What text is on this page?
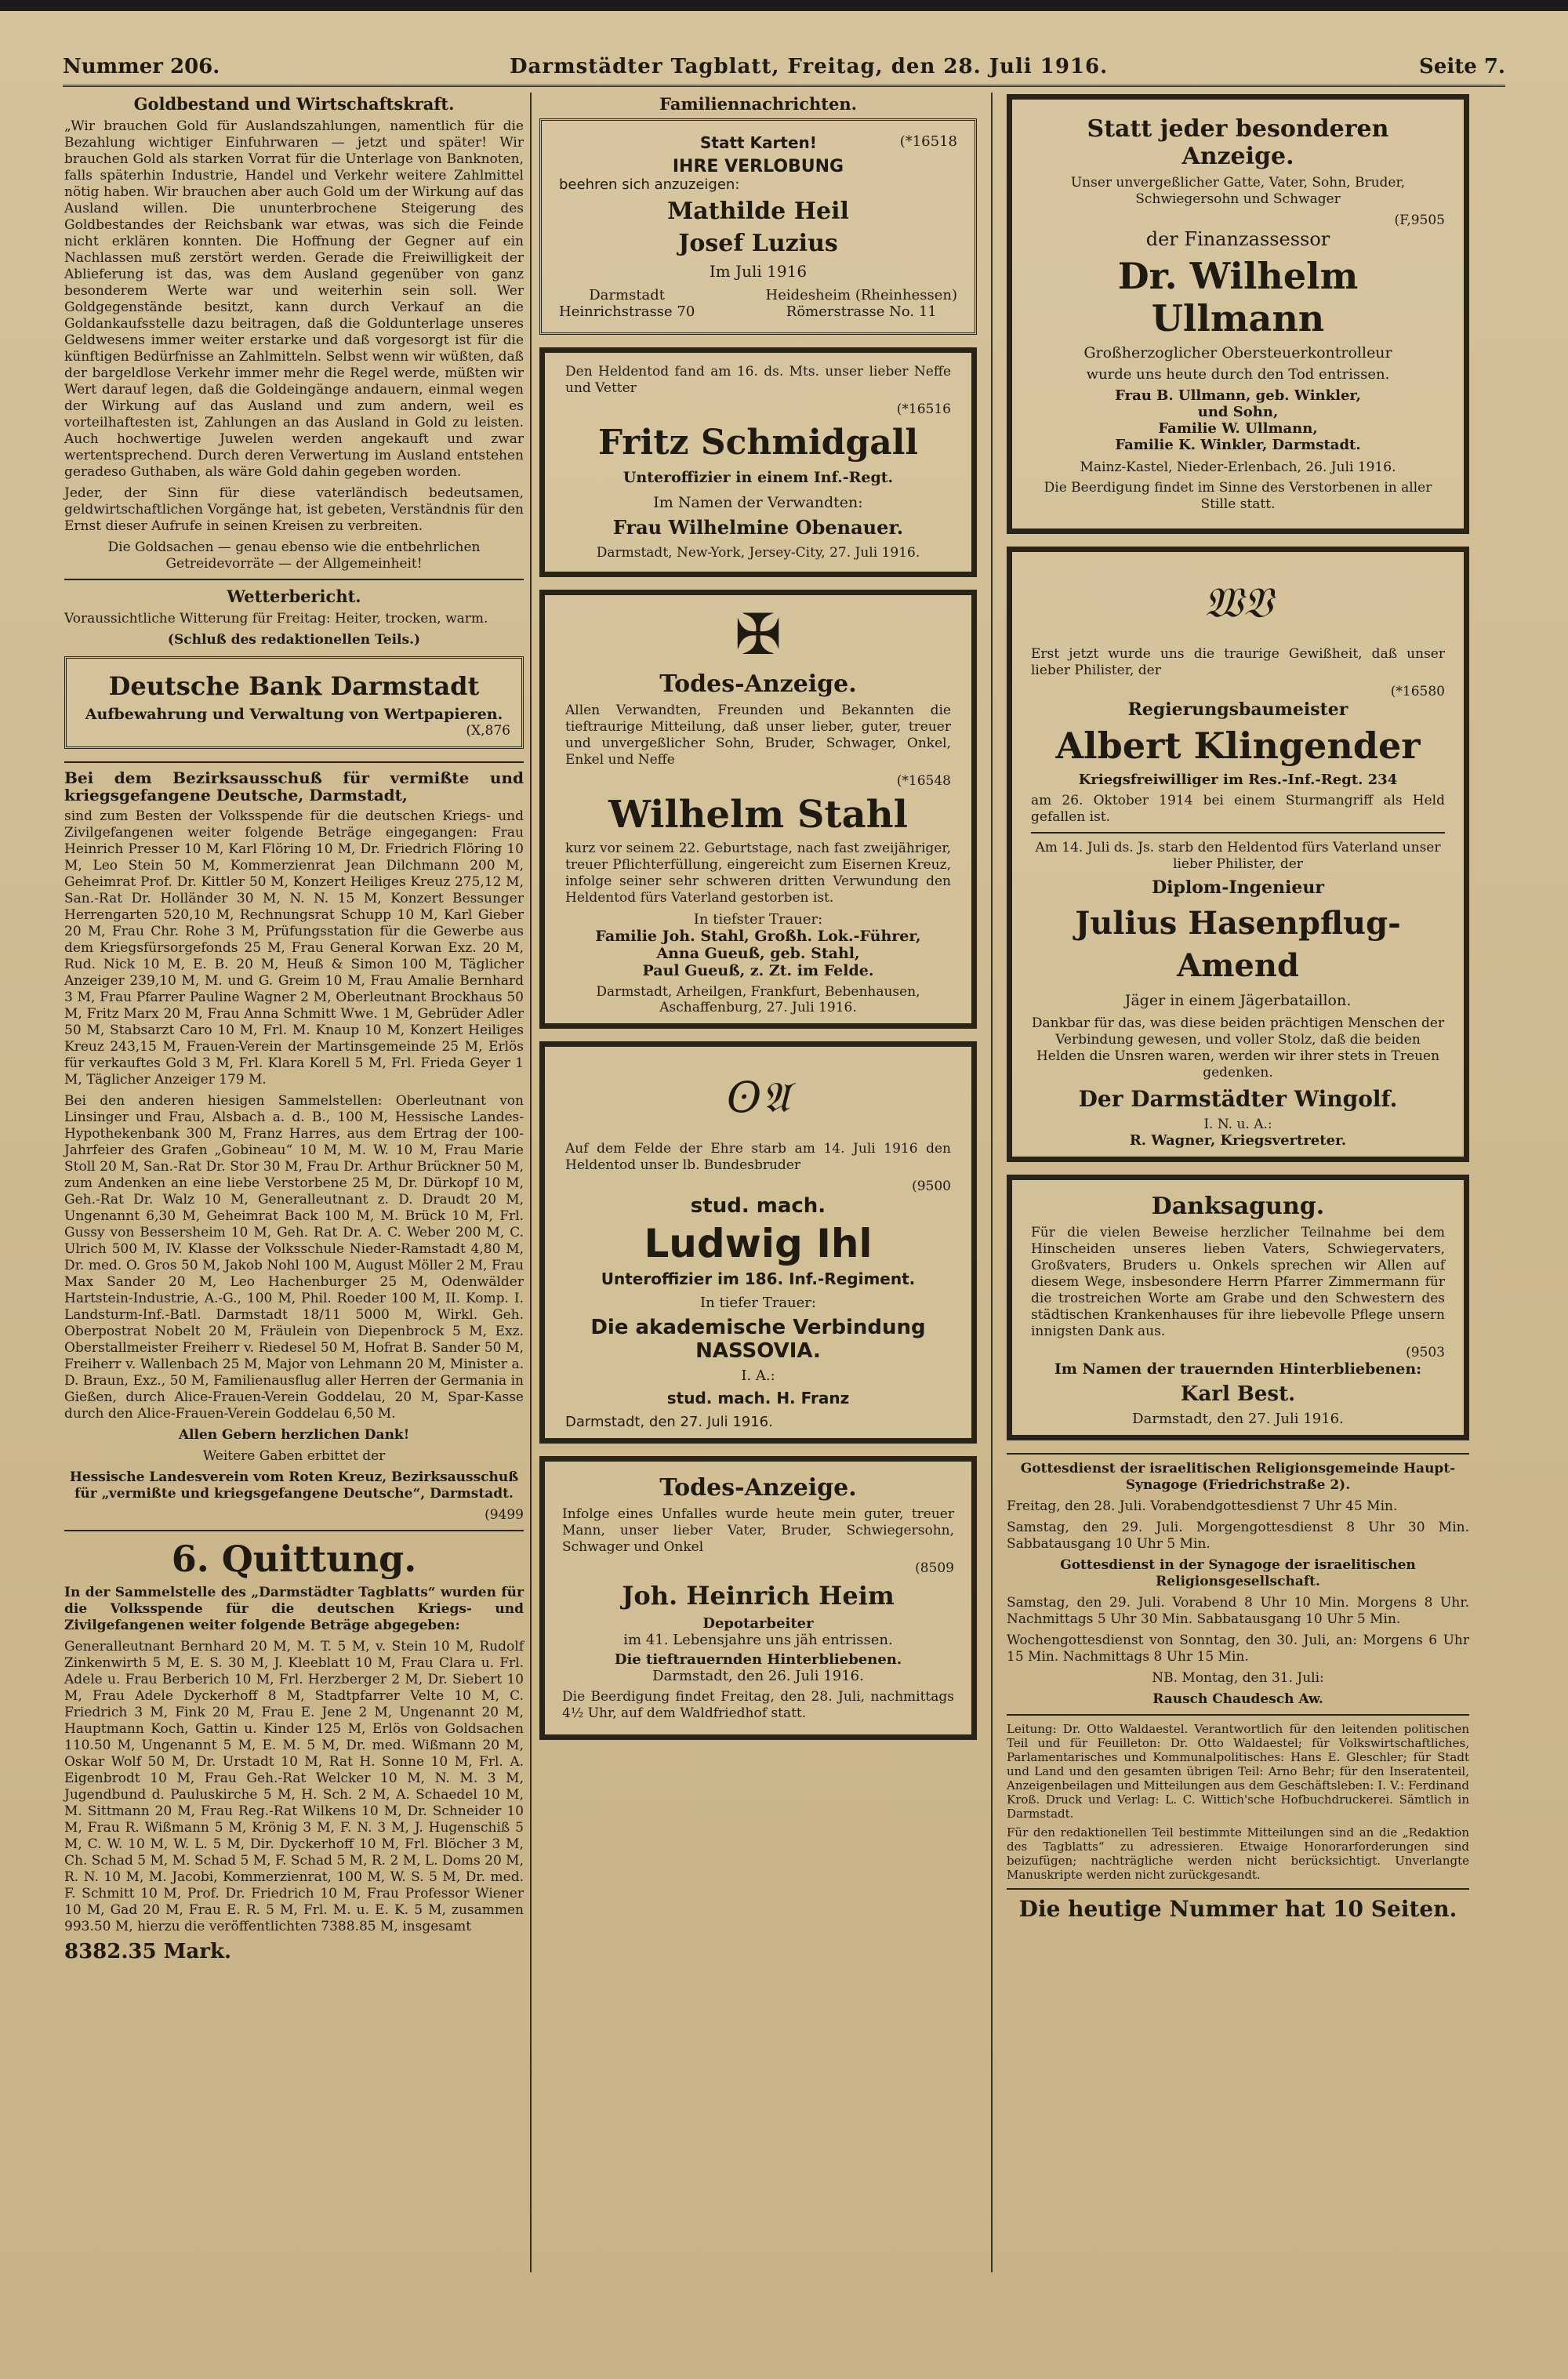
Nummer 206.	Darmstädter Tagblatt, Freitag, den 28. Juli 1916.	Seite 7.
Goldbestand und Wirtschaftskraft.

„Wir brauchen Gold für Auslandszahlungen, namentlich für die Bezahlung wichtiger Einfuhrwaren — jetzt und später! Wir brauchen Gold als starken Vorrat für die Unterlage von Banknoten, falls späterhin Industrie, Handel und Verkehr weitere Zahlmittel nötig haben. Wir brauchen aber auch Gold um der Wirkung auf das Ausland willen. Die ununterbrochene Steigerung des Goldbestandes der Reichsbank war etwas, was sich die Feinde nicht erklären konnten. Die Hoffnung der Gegner auf ein Nachlassen muß zerstört werden. Gerade die Freiwilligkeit der Ablieferung ist das, was dem Ausland gegenüber von ganz besonderem Werte war und weiterhin sein soll. Wer Goldgegenstände besitzt, kann durch Verkauf an die Goldankaufsstelle dazu beitragen, daß die Goldunterlage unseres Geldwesens immer weiter erstarke und daß vorgesorgt ist für die künftigen Bedürfnisse an Zahlmitteln. Selbst wenn wir wüßten, daß der bargeldlose Verkehr immer mehr die Regel werde, müßten wir Wert darauf legen, daß die Goldeingänge andauern, einmal wegen der Wirkung auf das Ausland und zum andern, weil es vorteilhaftesten ist, Zahlungen an das Ausland in Gold zu leisten. Auch hochwertige Juwelen werden angekauft und zwar wertentsprechend. Durch deren Verwertung im Ausland entstehen geradeso Guthaben, als wäre Gold dahin gegeben worden.

Jeder, der Sinn für diese vaterländisch bedeutsamen, geldwirtschaftlichen Vorgänge hat, ist gebeten, Verständnis für den Ernst dieser Aufrufe in seinen Kreisen zu verbreiten.

Die Goldsachen — genau ebenso wie die entbehrlichen Getreidevorräte — der Allgemeinheit!

Wetterbericht.

Voraussichtliche Witterung für Freitag: Heiter, trocken, warm.

(Schluß des redaktionellen Teils.)

Deutsche Bank Darmstadt
Aufbewahrung und Verwaltung von Wertpapieren.
(X,876

Bei dem Bezirksausschuß für vermißte und kriegsgefangene Deutsche, Darmstadt,

sind zum Besten der Volksspende für die deutschen Kriegs- und Zivilgefangenen weiter folgende Beträge eingegangen: Frau Heinrich Presser 10 M, Karl Flöring 10 M, Dr. Friedrich Flöring 10 M, Leo Stein 50 M, Kommerzienrat Jean Dilchmann 200 M, Geheimrat Prof. Dr. Kittler 50 M, Konzert Heiliges Kreuz 275,12 M, San.-Rat Dr. Holländer 30 M, N. N. 15 M, Konzert Bessunger Herrengarten 520,10 M, Rechnungsrat Schupp 10 M, Karl Gieber 20 M, Frau Chr. Rohe 3 M, Prüfungsstation für die Gewerbe aus dem Kriegsfürsorgefonds 25 M, Frau General Korwan Exz. 20 M, Rud. Nick 10 M, E. B. 20 M, Heuß & Simon 100 M, Täglicher Anzeiger 239,10 M, M. und G. Greim 10 M, Frau Amalie Bernhard 3 M, Frau Pfarrer Pauline Wagner 2 M, Oberleutnant Brockhaus 50 M, Fritz Marx 20 M, Frau Anna Schmitt Wwe. 1 M, Gebrüder Adler 50 M, Stabsarzt Caro 10 M, Frl. M. Knaup 10 M, Konzert Heiliges Kreuz 243,15 M, Frauen-Verein der Martinsgemeinde 25 M, Erlös für verkauftes Gold 3 M, Frl. Klara Korell 5 M, Frl. Frieda Geyer 1 M, Täglicher Anzeiger 179 M.

Bei den anderen hiesigen Sammelstellen: Oberleutnant von Linsinger und Frau, Alsbach a. d. B., 100 M, Hessische Landes-Hypothekenbank 300 M, Franz Harres, aus dem Ertrag der 100-Jahrfeier des Grafen „Gobineau“ 10 M, M. W. 10 M, Frau Marie Stoll 20 M, San.-Rat Dr. Stor 30 M, Frau Dr. Arthur Brückner 50 M, zum Andenken an eine liebe Verstorbene 25 M, Dr. Dürkopf 10 M, Geh.-Rat Dr. Walz 10 M, Generalleutnant z. D. Draudt 20 M, Ungenannt 6,30 M, Geheimrat Back 100 M, M. Brück 10 M, Frl. Gussy von Bessersheim 10 M, Geh. Rat Dr. A. C. Weber 200 M, C. Ulrich 500 M, IV. Klasse der Volksschule Nieder-Ramstadt 4,80 M, Dr. med. O. Gros 50 M, Jakob Nohl 100 M, August Möller 2 M, Frau Max Sander 20 M, Leo Hachenburger 25 M, Odenwälder Hartstein-Industrie, A.-G., 100 M, Phil. Roeder 100 M, II. Komp. I. Landsturm-Inf.-Batl. Darmstadt 18/11 5000 M, Wirkl. Geh. Oberpostrat Nobelt 20 M, Fräulein von Diepenbrock 5 M, Exz. Oberstallmeister Freiherr v. Riedesel 50 M, Hofrat B. Sander 50 M, Freiherr v. Wallenbach 25 M, Major von Lehmann 20 M, Minister a. D. Braun, Exz., 50 M, Familienausflug aller Herren der Germania in Gießen, durch Alice-Frauen-Verein Goddelau, 20 M, Spar-Kasse durch den Alice-Frauen-Verein Goddelau 6,50 M.

Allen Gebern herzlichen Dank!

Weitere Gaben erbittet der

Hessische Landesverein vom Roten Kreuz, Bezirksausschuß für „vermißte und kriegsgefangene Deutsche“, Darmstadt.

(9499

6. Quittung.

In der Sammelstelle des „Darmstädter Tagblatts“ wurden für die Volksspende für die deutschen Kriegs- und Zivilgefangenen weiter folgende Beträge abgegeben:

Generalleutnant Bernhard 20 M, M. T. 5 M, v. Stein 10 M, Rudolf Zinkenwirth 5 M, E. S. 30 M, J. Kleeblatt 10 M, Frau Clara u. Frl. Adele u. Frau Berberich 10 M, Frl. Herzberger 2 M, Dr. Siebert 10 M, Frau Adele Dyckerhoff 8 M, Stadtpfarrer Velte 10 M, C. Friedrich 3 M, Fink 20 M, Frau E. Jene 2 M, Ungenannt 20 M, Hauptmann Koch, Gattin u. Kinder 125 M, Erlös von Goldsachen 110.50 M, Ungenannt 5 M, E. M. 5 M, Dr. med. Wißmann 20 M, Oskar Wolf 50 M, Dr. Urstadt 10 M, Rat H. Sonne 10 M, Frl. A. Eigenbrodt 10 M, Frau Geh.-Rat Welcker 10 M, N. M. 3 M, Jugendbund d. Pauluskirche 5 M, H. Sch. 2 M, A. Schaedel 10 M, M. Sittmann 20 M, Frau Reg.-Rat Wilkens 10 M, Dr. Schneider 10 M, Frau R. Wißmann 5 M, Krönig 3 M, F. N. 3 M, J. Hugenschiß 5 M, C. W. 10 M, W. L. 5 M, Dir. Dyckerhoff 10 M, Frl. Blöcher 3 M, Ch. Schad 5 M, M. Schad 5 M, F. Schad 5 M, R. 2 M, L. Doms 20 M, R. N. 10 M, M. Jacobi, Kommerzienrat, 100 M, W. S. 5 M, Dr. med. F. Schmitt 10 M, Prof. Dr. Friedrich 10 M, Frau Professor Wiener 10 M, Gad 20 M, Frau E. R. 5 M, Frl. M. u. E. K. 5 M, zusammen 993.50 M, hierzu die veröffentlichten 7388.85 M, insgesamt

8382.35 Mark.
Familiennachrichten.
Statt Karten!	(*16518
IHRE VERLOBUNG
beehren sich anzuzeigen:
Mathilde Heil
Josef Luzius
Im Juli 1916
Darmstadt
Heinrichstrasse 70
Heidesheim (Rheinhessen)
Römerstrasse No. 11

Den Heldentod fand am 16. ds. Mts. unser lieber Neffe und Vetter

(*16516
Fritz Schmidgall
Unteroffizier in einem Inf.-Regt.
Im Namen der Verwandten:
Frau Wilhelmine Obenauer.
Darmstadt, New-York, Jersey-City, 27. Juli 1916.
✠
Todes-Anzeige.

Allen Verwandten, Freunden und Bekannten die tieftraurige Mitteilung, daß unser lieber, guter, treuer und unvergeßlicher Sohn, Bruder, Schwager, Onkel, Enkel und Neffe

(*16548
Wilhelm Stahl

kurz vor seinem 22. Geburtstage, nach fast zweijähriger, treuer Pflichterfüllung, eingereicht zum Eisernen Kreuz, infolge seiner sehr schweren dritten Verwundung den Heldentod fürs Vaterland gestorben ist.

In tiefster Trauer:
Familie Joh. Stahl, Großh. Lok.-Führer,
Anna Gueuß, geb. Stahl,
Paul Gueuß, z. Zt. im Felde.
Darmstadt, Arheilgen, Frankfurt, Bebenhausen, Aschaffenburg, 27. Juli 1916.
ʘ𝔄

Auf dem Felde der Ehre starb am 14. Juli 1916 den Heldentod unser lb. Bundesbruder

(9500
stud. mach.
Ludwig Ihl
Unteroffizier im 186. Inf.-Regiment.
In tiefer Trauer:
Die akademische Verbindung NASSOVIA.
I. A.:
stud. mach. H. Franz
Darmstadt, den 27. Juli 1916.
Todes-Anzeige.

Infolge eines Unfalles wurde heute mein guter, treuer Mann, unser lieber Vater, Bruder, Schwiegersohn, Schwager und Onkel

(8509
Joh. Heinrich Heim
Depotarbeiter
im 41. Lebensjahre uns jäh entrissen.
Die tieftrauernden Hinterbliebenen.
Darmstadt, den 26. Juli 1916.

Die Beerdigung findet Freitag, den 28. Juli, nachmittags 4½ Uhr, auf dem Waldfriedhof statt.

Statt jeder besonderen Anzeige.

Unser unvergeßlicher Gatte, Vater, Sohn, Bruder, Schwiegersohn und Schwager

(F,9505
der Finanzassessor
Dr. Wilhelm Ullmann
Großherzoglicher Obersteuerkontrolleur
wurde uns heute durch den Tod entrissen.
Frau B. Ullmann, geb. Winkler,
und Sohn,
Familie W. Ullmann,
Familie K. Winkler, Darmstadt.
Mainz-Kastel, Nieder-Erlenbach, 26. Juli 1916.

Die Beerdigung findet im Sinne des Verstorbenen in aller Stille statt.

𝔚𝔙

Erst jetzt wurde uns die traurige Gewißheit, daß unser lieber Philister, der

(*16580
Regierungsbaumeister
Albert Klingender
Kriegsfreiwilliger im Res.-Inf.-Regt. 234

am 26. Oktober 1914 bei einem Sturmangriff als Held gefallen ist.

Am 14. Juli ds. Js. starb den Heldentod fürs Vaterland unser lieber Philister, der

Diplom-Ingenieur
Julius Hasenpflug-Amend
Jäger in einem Jägerbataillon.

Dankbar für das, was diese beiden prächtigen Menschen der Verbindung gewesen, und voller Stolz, daß die beiden Helden die Unsren waren, werden wir ihrer stets in Treuen gedenken.

Der Darmstädter Wingolf.
I. N. u. A.:
R. Wagner, Kriegsvertreter.
Danksagung.

Für die vielen Beweise herzlicher Teilnahme bei dem Hinscheiden unseres lieben Vaters, Schwiegervaters, Großvaters, Bruders u. Onkels sprechen wir Allen auf diesem Wege, insbesondere Herrn Pfarrer Zimmermann für die trostreichen Worte am Grabe und den Schwestern des städtischen Krankenhauses für ihre liebevolle Pflege unsern innigsten Dank aus.

(9503
Im Namen der trauernden Hinterbliebenen:
Karl Best.
Darmstadt, den 27. Juli 1916.

Gottesdienst der israelitischen Religionsgemeinde Haupt-Synagoge (Friedrichstraße 2).

Freitag, den 28. Juli. Vorabendgottesdienst 7 Uhr 45 Min.

Samstag, den 29. Juli. Morgengottesdienst 8 Uhr 30 Min. Sabbatausgang 10 Uhr 5 Min.

Gottesdienst in der Synagoge der israelitischen Religionsgesellschaft.

Samstag, den 29. Juli. Vorabend 8 Uhr 10 Min. Morgens 8 Uhr. Nachmittags 5 Uhr 30 Min. Sabbatausgang 10 Uhr 5 Min.

Wochengottesdienst von Sonntag, den 30. Juli, an: Morgens 6 Uhr 15 Min. Nachmittags 8 Uhr 15 Min.

NB. Montag, den 31. Juli:

Rausch Chaudesch Aw.

Leitung: Dr. Otto Waldaestel. Verantwortlich für den leitenden politischen Teil und für Feuilleton: Dr. Otto Waldaestel; für Volkswirtschaftliches, Parlamentarisches und Kommunalpolitisches: Hans E. Gleschler; für Stadt und Land und den gesamten übrigen Teil: Arno Behr; für den Inseratenteil, Anzeigenbeilagen und Mitteilungen aus dem Geschäftsleben: I. V.: Ferdinand Kroß. Druck und Verlag: L. C. Wittich'sche Hofbuchdruckerei. Sämtlich in Darmstadt.

Für den redaktionellen Teil bestimmte Mitteilungen sind an die „Redaktion des Tagblatts“ zu adressieren. Etwaige Honorarforderungen sind beizufügen; nachträgliche werden nicht berücksichtigt. Unverlangte Manuskripte werden nicht zurückgesandt.

Die heutige Nummer hat 10 Seiten.
